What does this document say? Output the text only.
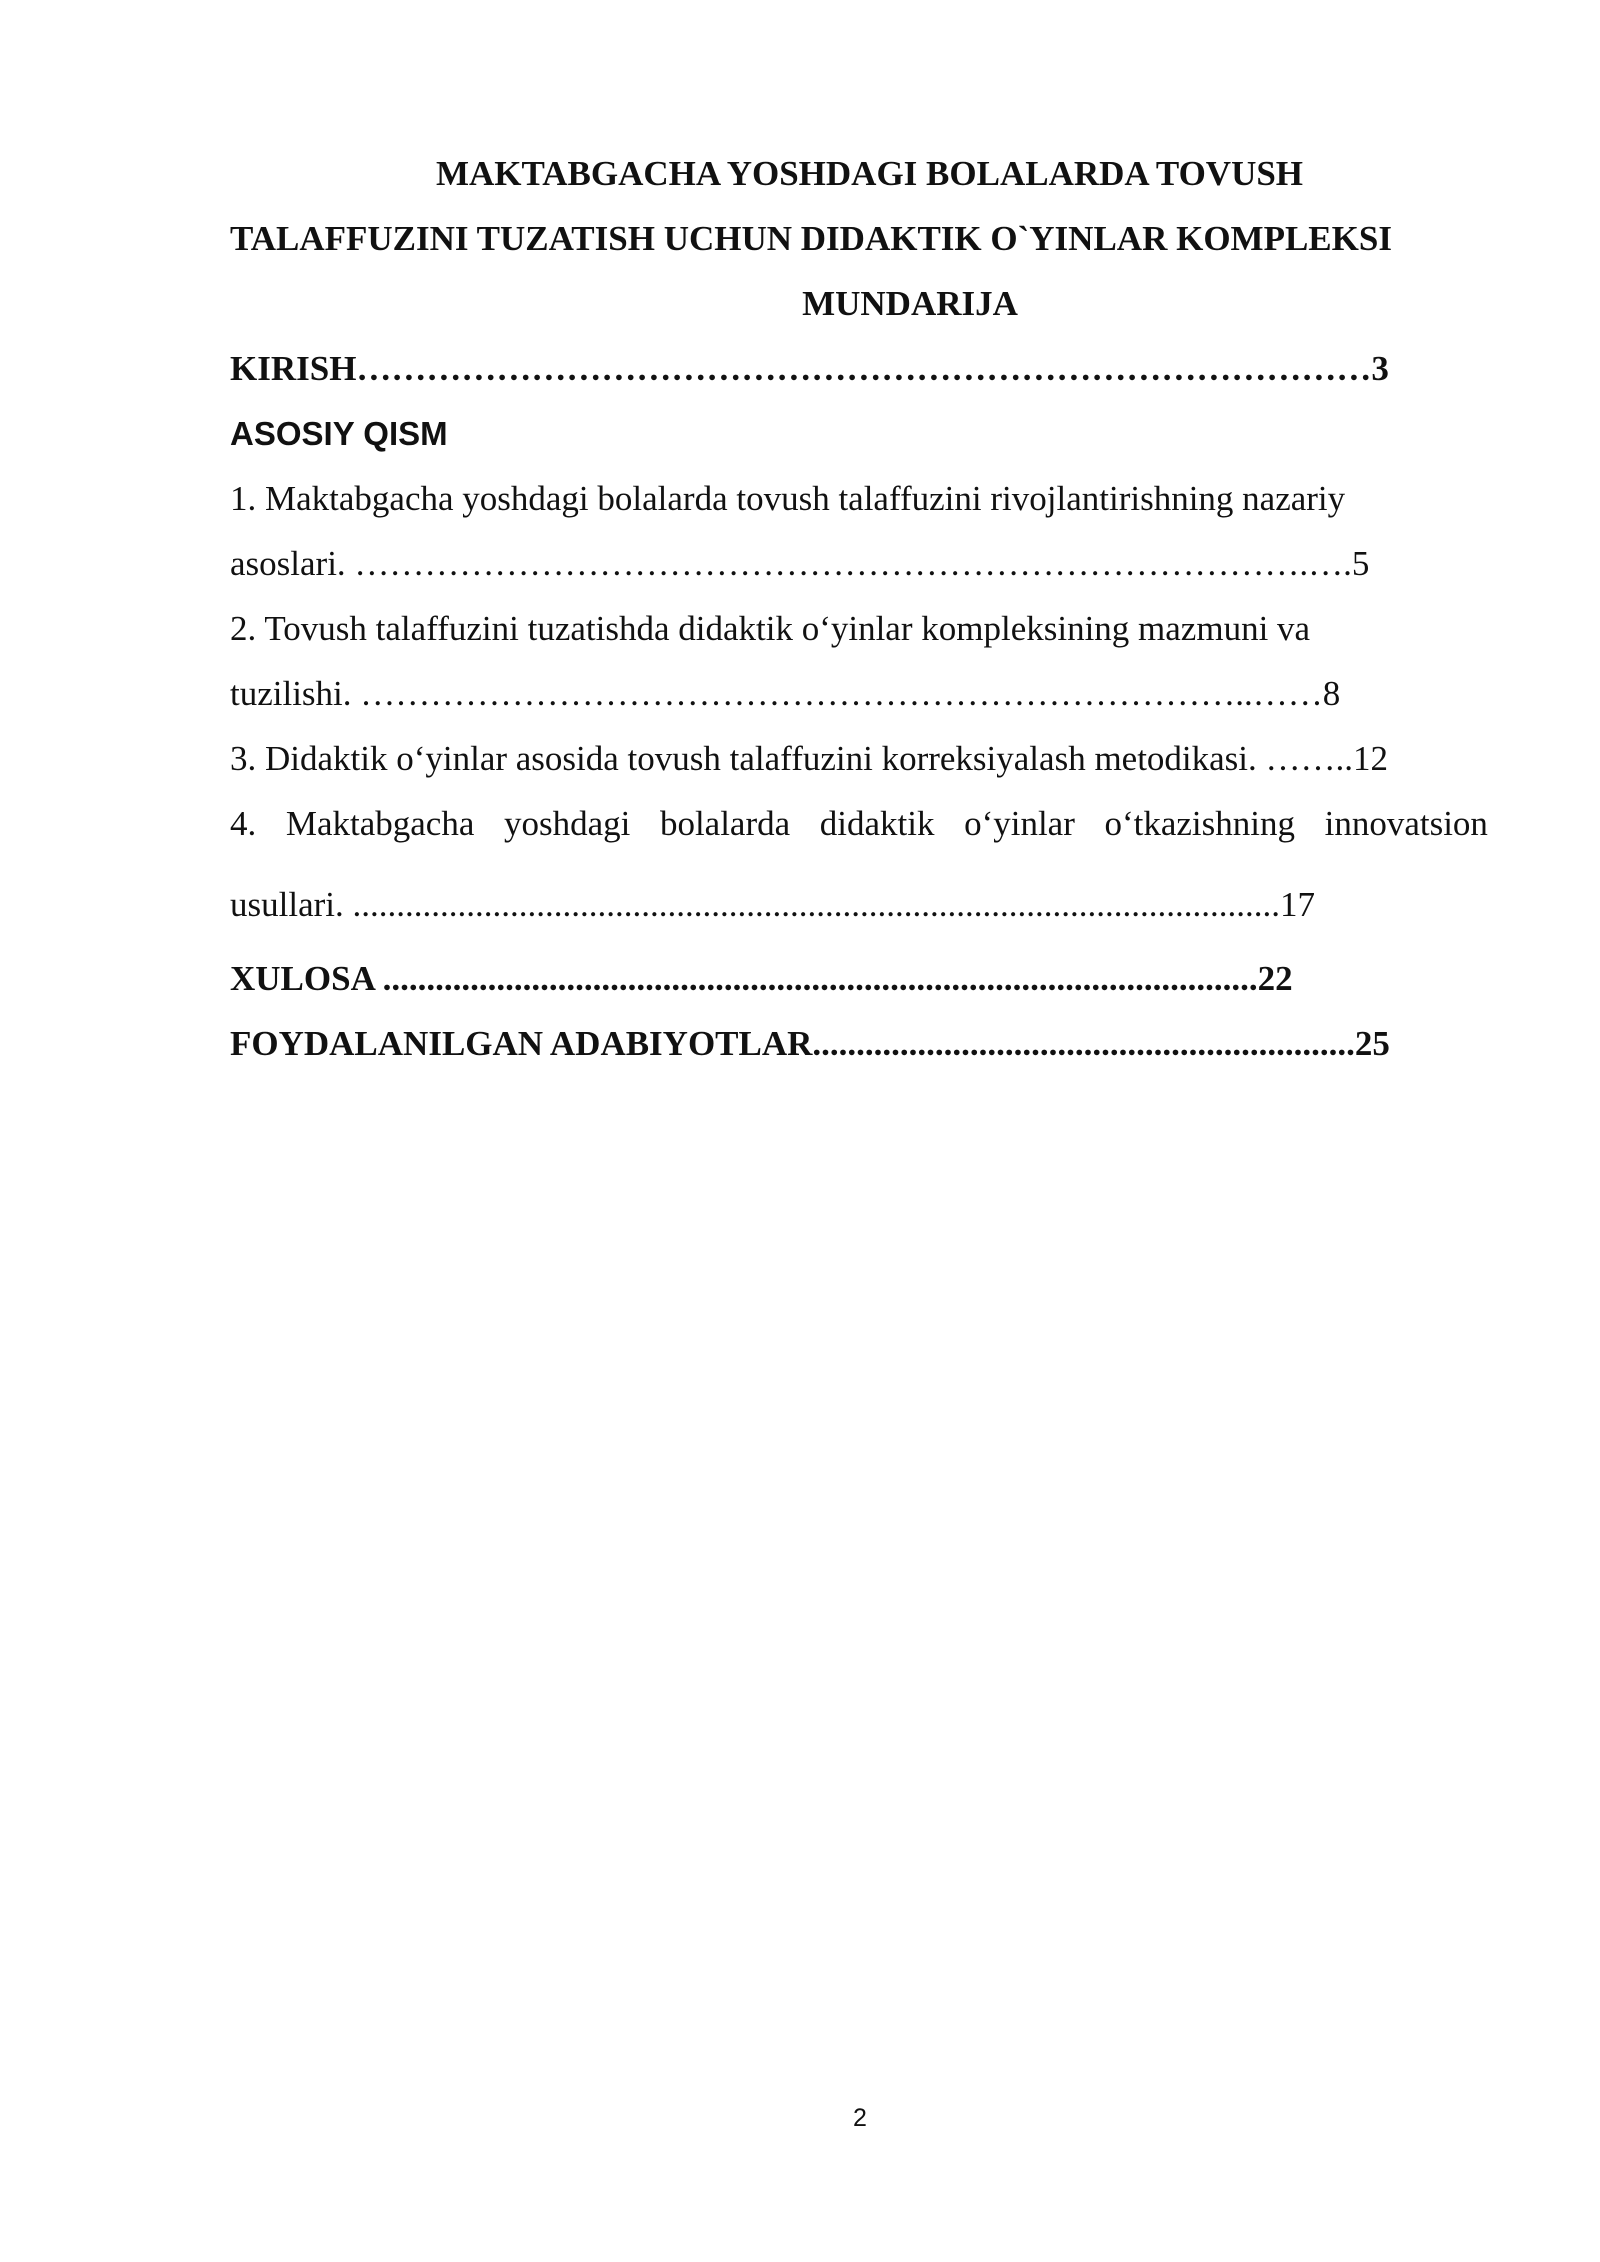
MAKTABGACHA YOSHDAGI BOLALARDA TOVUSH
TALAFFUZINI TUZATISH UCHUN DIDAKTIK O`YINLAR KOMPLEKSI
MUNDARIJA
KIRISH……………………………………………………………………………3
ASOSIY QISM
1. Maktabgacha yoshdagi bolalarda tovush talaffuzini rivojlantirishning nazariy
asoslari. ……………………………………………………………………….….5
2. Tovush talaffuzini tuzatishda didaktik o‘yinlar kompleksining mazmuni va
tuzilishi. …………………………………………………………………..……8
3. Didaktik o‘yinlar asosida tovush talaffuzini korreksiyalash metodikasi. ……..12
4. Maktabgacha yoshdagi bolalarda didaktik o‘yinlar o‘tkazishning innovatsion
usullari. ..........................................................................................................17
XULOSA ....................................................................................................22
FOYDALANILGAN ADABIYOTLAR..............................................................25
2
